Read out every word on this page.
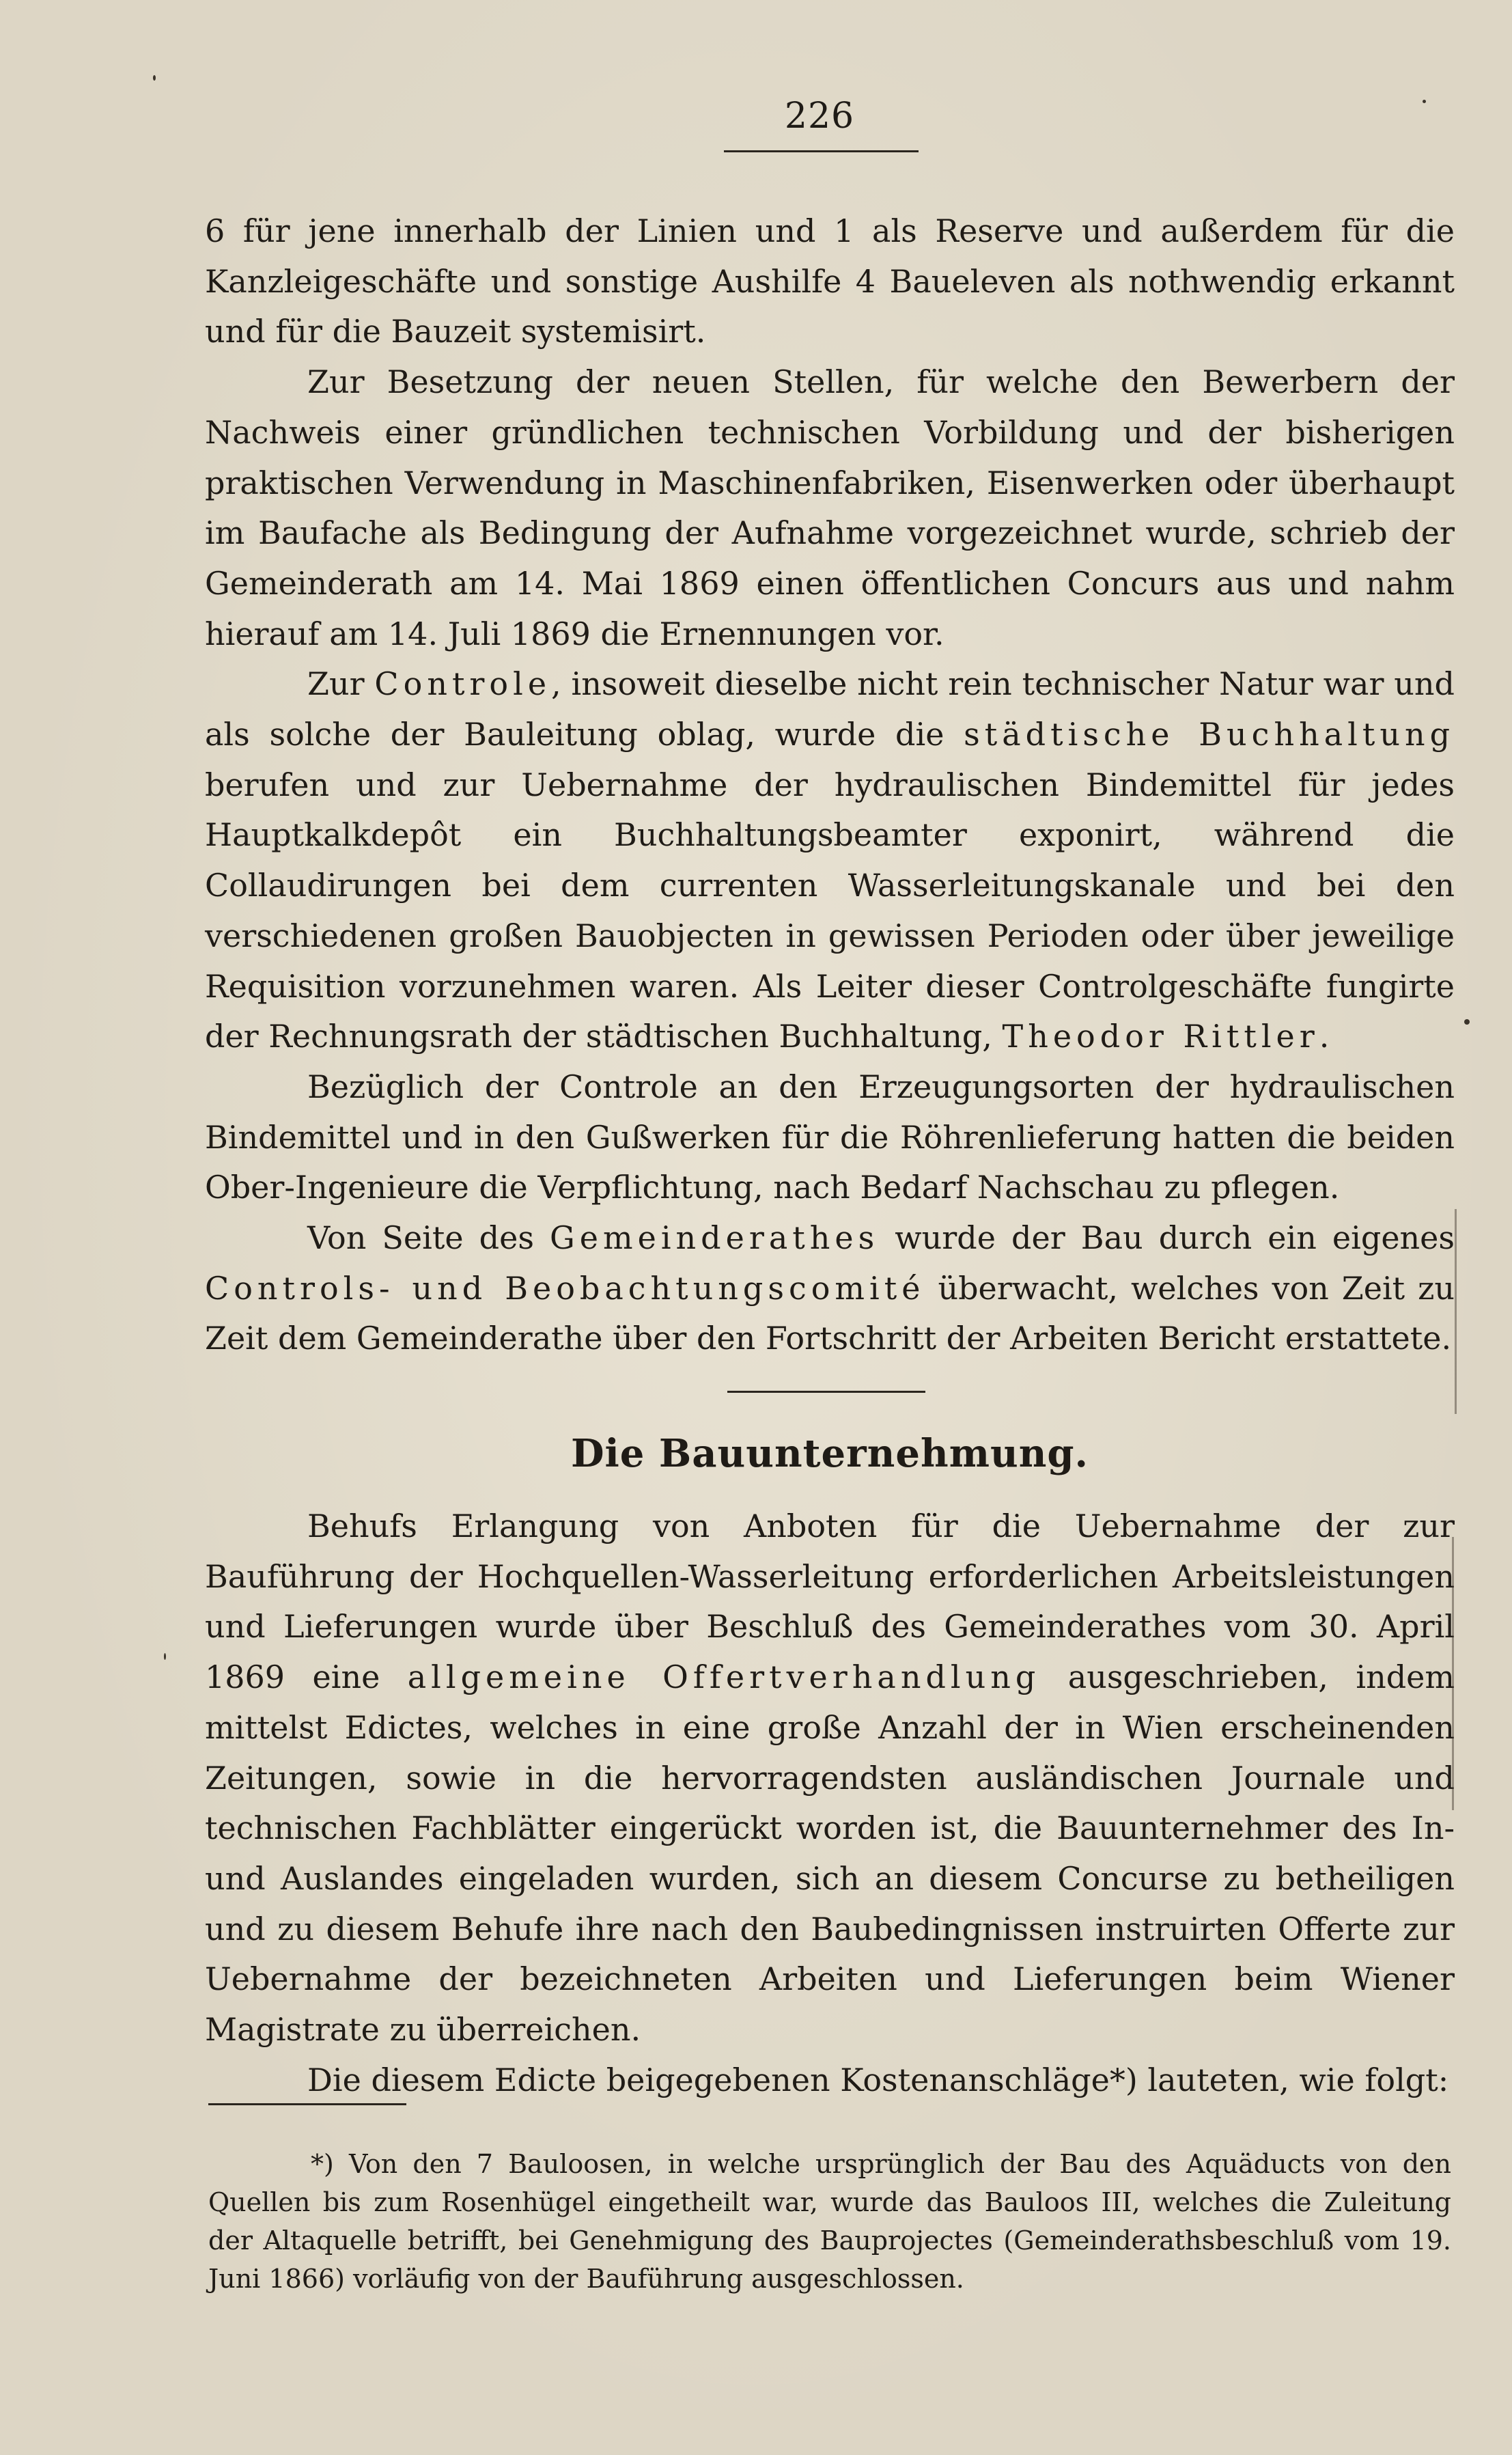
226

6 für jene innerhalb der Linien und 1 als Reserve und außerdem für die Kanzleigeschäfte und sonstige Aushilfe 4 Baueleven als nothwendig erkannt und für die Bauzeit systemisirt.

Zur Besetzung der neuen Stellen, für welche den Bewerbern der Nachweis einer gründlichen technischen Vorbildung und der bisherigen praktischen Verwendung in Maschinenfabriken, Eisenwerken oder überhaupt im Baufache als Bedingung der Aufnahme vorgezeichnet wurde, schrieb der Gemeinderath am 14. Mai 1869 einen öffentlichen Concurs aus und nahm hierauf am 14. Juli 1869 die Ernennungen vor.

Zur Controle, insoweit dieselbe nicht rein technischer Natur war und als solche der Bauleitung oblag, wurde die städtische Buchhaltung berufen und zur Uebernahme der hydraulischen Bindemittel für jedes Hauptkalkdepôt ein Buchhaltungsbeamter exponirt, während die Collaudirungen bei dem currenten Wasserleitungskanale und bei den verschiedenen großen Bauobjecten in gewissen Perioden oder über jeweilige Requisition vorzunehmen waren. Als Leiter dieser Controlgeschäfte fungirte der Rechnungsrath der städtischen Buchhaltung, Theodor Rittler.

Bezüglich der Controle an den Erzeugungsorten der hydraulischen Bindemittel und in den Gußwerken für die Röhrenlieferung hatten die beiden Ober-Ingenieure die Verpflichtung, nach Bedarf Nachschau zu pflegen.

Von Seite des Gemeinderathes wurde der Bau durch ein eigenes Controls- und Beobachtungscomité überwacht, welches von Zeit zu Zeit dem Gemeinderathe über den Fortschritt der Arbeiten Bericht erstattete.

Die Bauunternehmung.

Behufs Erlangung von Anboten für die Uebernahme der zur Bauführung der Hochquellen-Wasserleitung erforderlichen Arbeitsleistungen und Lieferungen wurde über Beschluß des Gemeinderathes vom 30. April 1869 eine allgemeine Offertverhandlung ausgeschrieben, indem mittelst Edictes, welches in eine große Anzahl der in Wien erscheinenden Zeitungen, sowie in die hervorragendsten ausländischen Journale und technischen Fachblätter eingerückt worden ist, die Bauunternehmer des In- und Auslandes eingeladen wurden, sich an diesem Concurse zu betheiligen und zu diesem Behufe ihre nach den Baubedingnissen instruirten Offerte zur Uebernahme der bezeichneten Arbeiten und Lieferungen beim Wiener Magistrate zu überreichen.

Die diesem Edicte beigegebenen Kostenanschläge*) lauteten, wie folgt:

*) Von den 7 Bauloosen, in welche ursprünglich der Bau des Aquäducts von den Quellen bis zum Rosenhügel eingetheilt war, wurde das Bauloos III, welches die Zuleitung der Altaquelle betrifft, bei Genehmigung des Bauprojectes (Gemeinderathsbeschluß vom 19. Juni 1866) vorläufig von der Bauführung ausgeschlossen.
